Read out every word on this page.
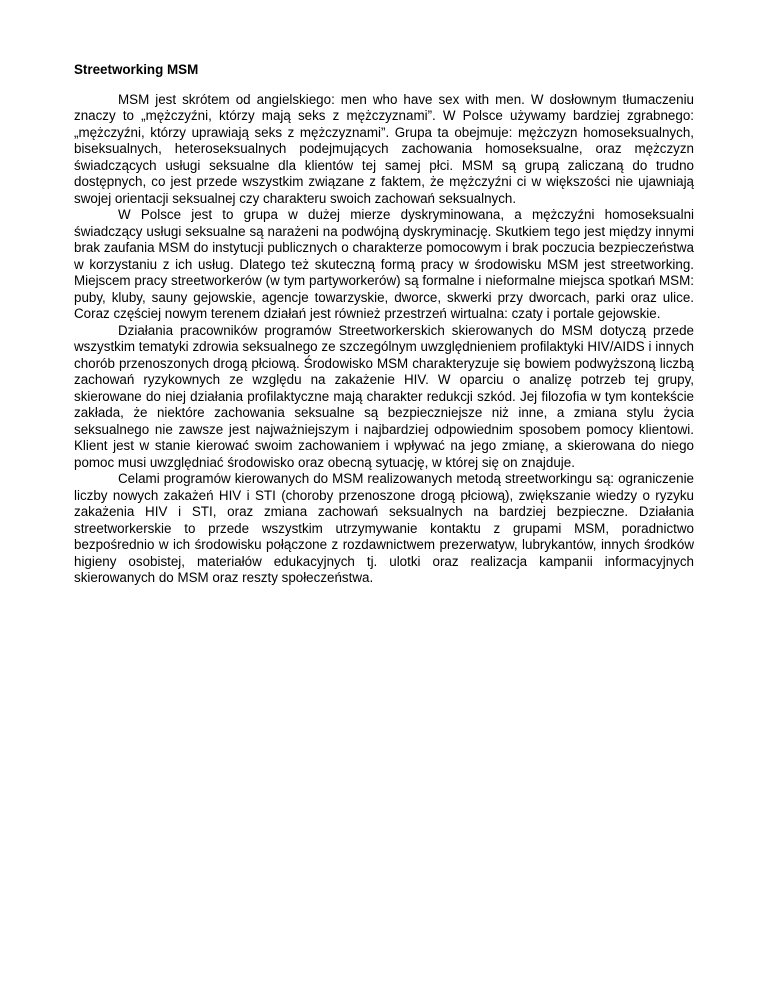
Streetworking MSM

MSM jest skrótem od angielskiego: men who have sex with men. W dosłownym tłumaczeniu znaczy to „mężczyźni, którzy mają seks z mężczyznami”. W Polsce używamy bardziej zgrabnego: „mężczyźni, którzy uprawiają seks z mężczyznami”. Grupa ta obejmuje: mężczyzn homoseksualnych, biseksualnych, heteroseksualnych podejmujących zachowania homoseksualne, oraz mężczyzn świadczących usługi seksualne dla klientów tej samej płci. MSM są grupą zaliczaną do trudno dostępnych, co jest przede wszystkim związane z faktem, że mężczyźni ci w większości nie ujawniają swojej orientacji seksualnej czy charakteru swoich zachowań seksualnych.

W Polsce jest to grupa w dużej mierze dyskryminowana, a mężczyźni homoseksualni świadczący usługi seksualne są narażeni na podwójną dyskryminację. Skutkiem tego jest między innymi brak zaufania MSM do instytucji publicznych o charakterze pomocowym i brak poczucia bezpieczeństwa w korzystaniu z ich usług. Dlatego też skuteczną formą pracy w środowisku MSM jest streetworking. Miejscem pracy streetworkerów (w tym partyworkerów) są formalne i nieformalne miejsca spotkań MSM: puby, kluby, sauny gejowskie, agencje towarzyskie, dworce, skwerki przy dworcach, parki oraz ulice. Coraz częściej nowym terenem działań jest również przestrzeń wirtualna: czaty i portale gejowskie.

Działania pracowników programów Streetworkerskich skierowanych do MSM dotyczą przede wszystkim tematyki zdrowia seksualnego ze szczególnym uwzględnieniem profilaktyki HIV/AIDS i innych chorób przenoszonych drogą płciową. Środowisko MSM charakteryzuje się bowiem podwyższoną liczbą zachowań ryzykownych ze względu na zakażenie HIV. W oparciu o analizę potrzeb tej grupy, skierowane do niej działania profilaktyczne mają charakter redukcji szkód. Jej filozofia w tym kontekście zakłada, że niektóre zachowania seksualne są bezpieczniejsze niż inne, a zmiana stylu życia seksualnego nie zawsze jest najważniejszym i najbardziej odpowiednim sposobem pomocy klientowi. Klient jest w stanie kierować swoim zachowaniem i wpływać na jego zmianę, a skierowana do niego pomoc musi uwzględniać środowisko oraz obecną sytuację, w której się on znajduje.

Celami programów kierowanych do MSM realizowanych metodą streetworkingu są: ograniczenie liczby nowych zakażeń HIV i STI (choroby przenoszone drogą płciową), zwiększanie wiedzy o ryzyku zakażenia HIV i STI, oraz zmiana zachowań seksualnych na bardziej bezpieczne. Działania streetworkerskie to przede wszystkim utrzymywanie kontaktu z grupami MSM, poradnictwo bezpośrednio w ich środowisku połączone z rozdawnictwem prezerwatyw, lubrykantów, innych środków higieny osobistej, materiałów edukacyjnych tj. ulotki oraz realizacja kampanii informacyjnych skierowanych do MSM oraz reszty społeczeństwa.
